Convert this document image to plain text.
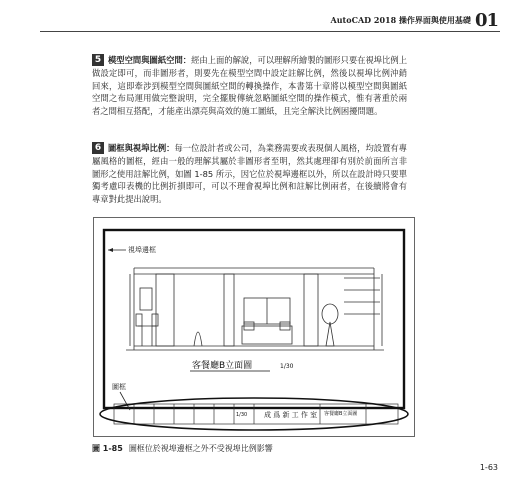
AutoCAD 2018 操作界面與使用基礎 01
5 模型空間與圖紙空間：經由上面的解說，可以理解所繪製的圖形只要在視埠比例上做設定即可，而非圖形者，則要先在模型空間中設定註解比例，然後以視埠比例沖銷回來，這即牽涉到模型空間與圖紙空間的轉換操作，本書第十章將以模型空間與圖紙空間之布局運用做完整說明，完全擺脫傳統忽略圖紙空間的操作模式，惟有著重於兩者之間相互搭配，才能產出漂亮與高效的施工圖紙，且完全解決比例困擾問題。
6 圖框與視埠比例：每一位設計者或公司，為業務需要或表現個人風格，均設置有專屬風格的圖框，經由一般的理解其屬於非圖形者至明，然其處理卻有別於前面所言非圖形之使用註解比例，如圖 1-85 所示，因它位於視埠邊框以外，所以在設計時只要單獨考慮印表機的比例折損即可，可以不理會視埠比例和註解比例兩者，在後續將會有專章對此提出說明。
視埠邊框
客餐廳B立面圖	1/30
圖框
1/30 成 爲 新 工 作 室 客餐廳B立面圖
圖 1-85 圖框位於視埠邊框之外不受視埠比例影響
1-63
